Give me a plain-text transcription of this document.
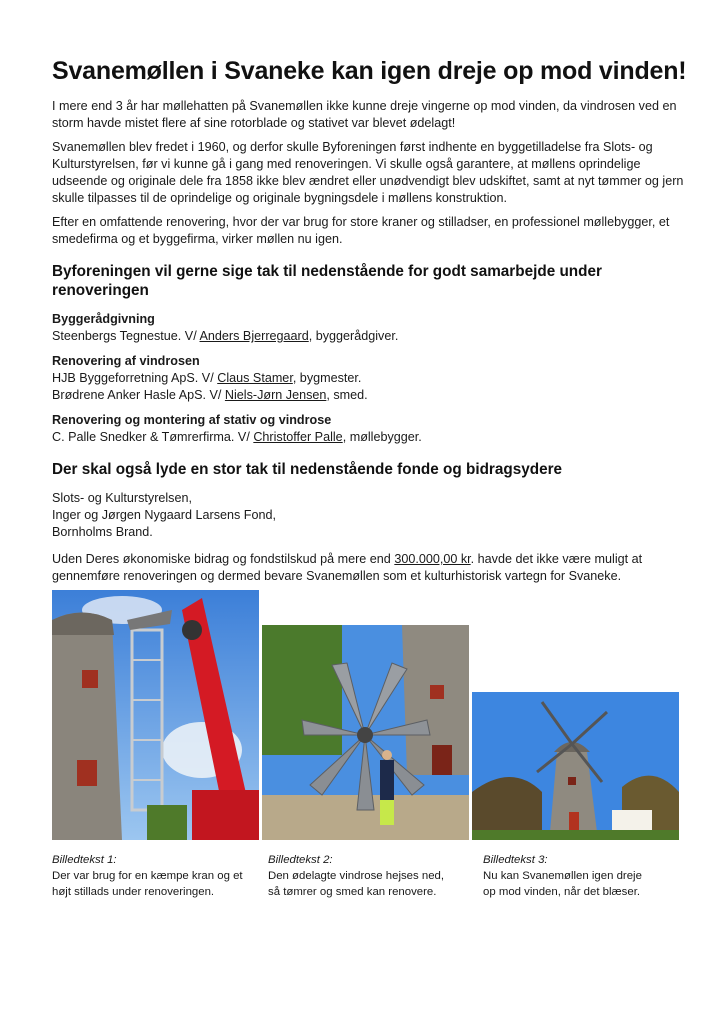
Svanemøllen i Svaneke kan igen dreje op mod vinden!

I mere end 3 år har møllehatten på Svanemøllen ikke kunne dreje vingerne op mod vinden, da vindrosen ved en storm havde mistet flere af sine rotorblade og stativet var blevet ødelagt!

Svanemøllen blev fredet i 1960, og derfor skulle Byforeningen først indhente en byggetilladelse fra Slots- og Kulturstyrelsen, før vi kunne gå i gang med renoveringen. Vi skulle også garantere, at møllens oprindelige udseende og originale dele fra 1858 ikke blev ændret eller unødvendigt blev udskiftet, samt at nyt tømmer og jern skulle tilpasses til de oprindelige og originale bygningsdele i møllens konstruktion.

Efter en omfattende renovering, hvor der var brug for store kraner og stilladser, en professionel møllebygger, et smedefirma og et byggefirma, virker møllen nu igen.

Byforeningen vil gerne sige tak til nedenstående for godt samarbejde under renoveringen
Byggerådgivning
Steenbergs Tegnestue. V/ Anders Bjerregaard, byggerådgiver.
Renovering af vindrosen
HJB Byggeforretning ApS. V/ Claus Stamer, bygmester.
Brødrene Anker Hasle ApS. V/ Niels-Jørn Jensen, smed.
Renovering og montering af stativ og vindrose
C. Palle Snedker & Tømrerfirma. V/ Christoffer Palle, møllebygger.
Der skal også lyde en stor tak til nedenstående fonde og bidragsydere
Slots- og Kulturstyrelsen,
Inger og Jørgen Nygaard Larsens Fond,
Bornholms Brand.

Uden Deres økonomiske bidrag og fondstilskud på mere end 300.000,00 kr. havde det ikke være muligt at gennemføre renoveringen og dermed bevare Svanemøllen som et kulturhistorisk vartegn for Svaneke.

Billedtekst 1:
Der var brug for en kæmpe kran og et
højt stillads under renoveringen.
Billedtekst 2:
Den ødelagte vindrose hejses ned,
så tømrer og smed kan renovere.
Billedtekst 3:
Nu kan Svanemøllen igen dreje
op mod vinden, når det blæser.
